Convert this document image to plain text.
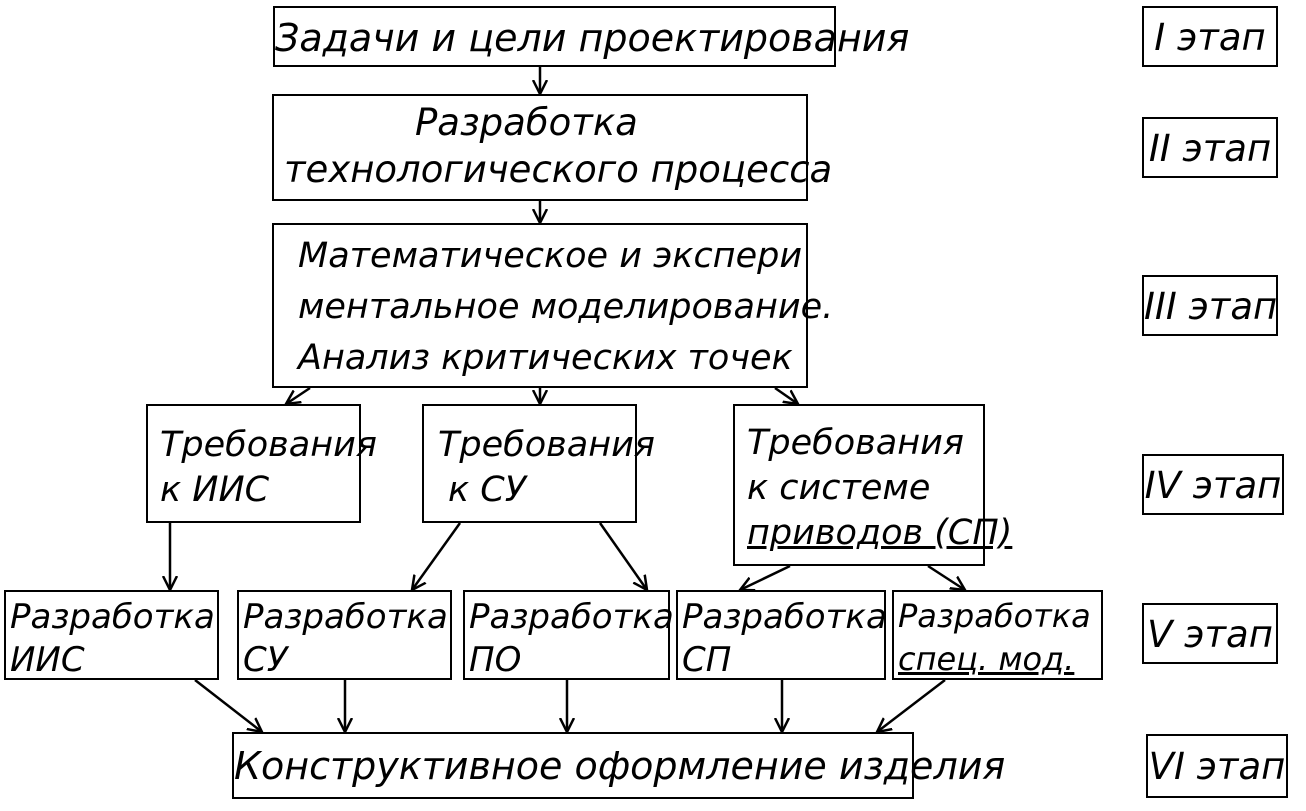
Задачи и цели проектирования
Разработка
технологического процесса
Математическое и экспери
ментальное моделирование.
Анализ критических точек
Требования
к ИИС
Требования
к СУ
Требования
к системе
приводов (СП)
Разработка
ИИС
Разработка
СУ
Разработка
ПО
Разработка
СП
Разработка
спец. мод.
Конструктивное оформление изделия
I этап
II этап
III этап
IV этап
V этап
VI этап
